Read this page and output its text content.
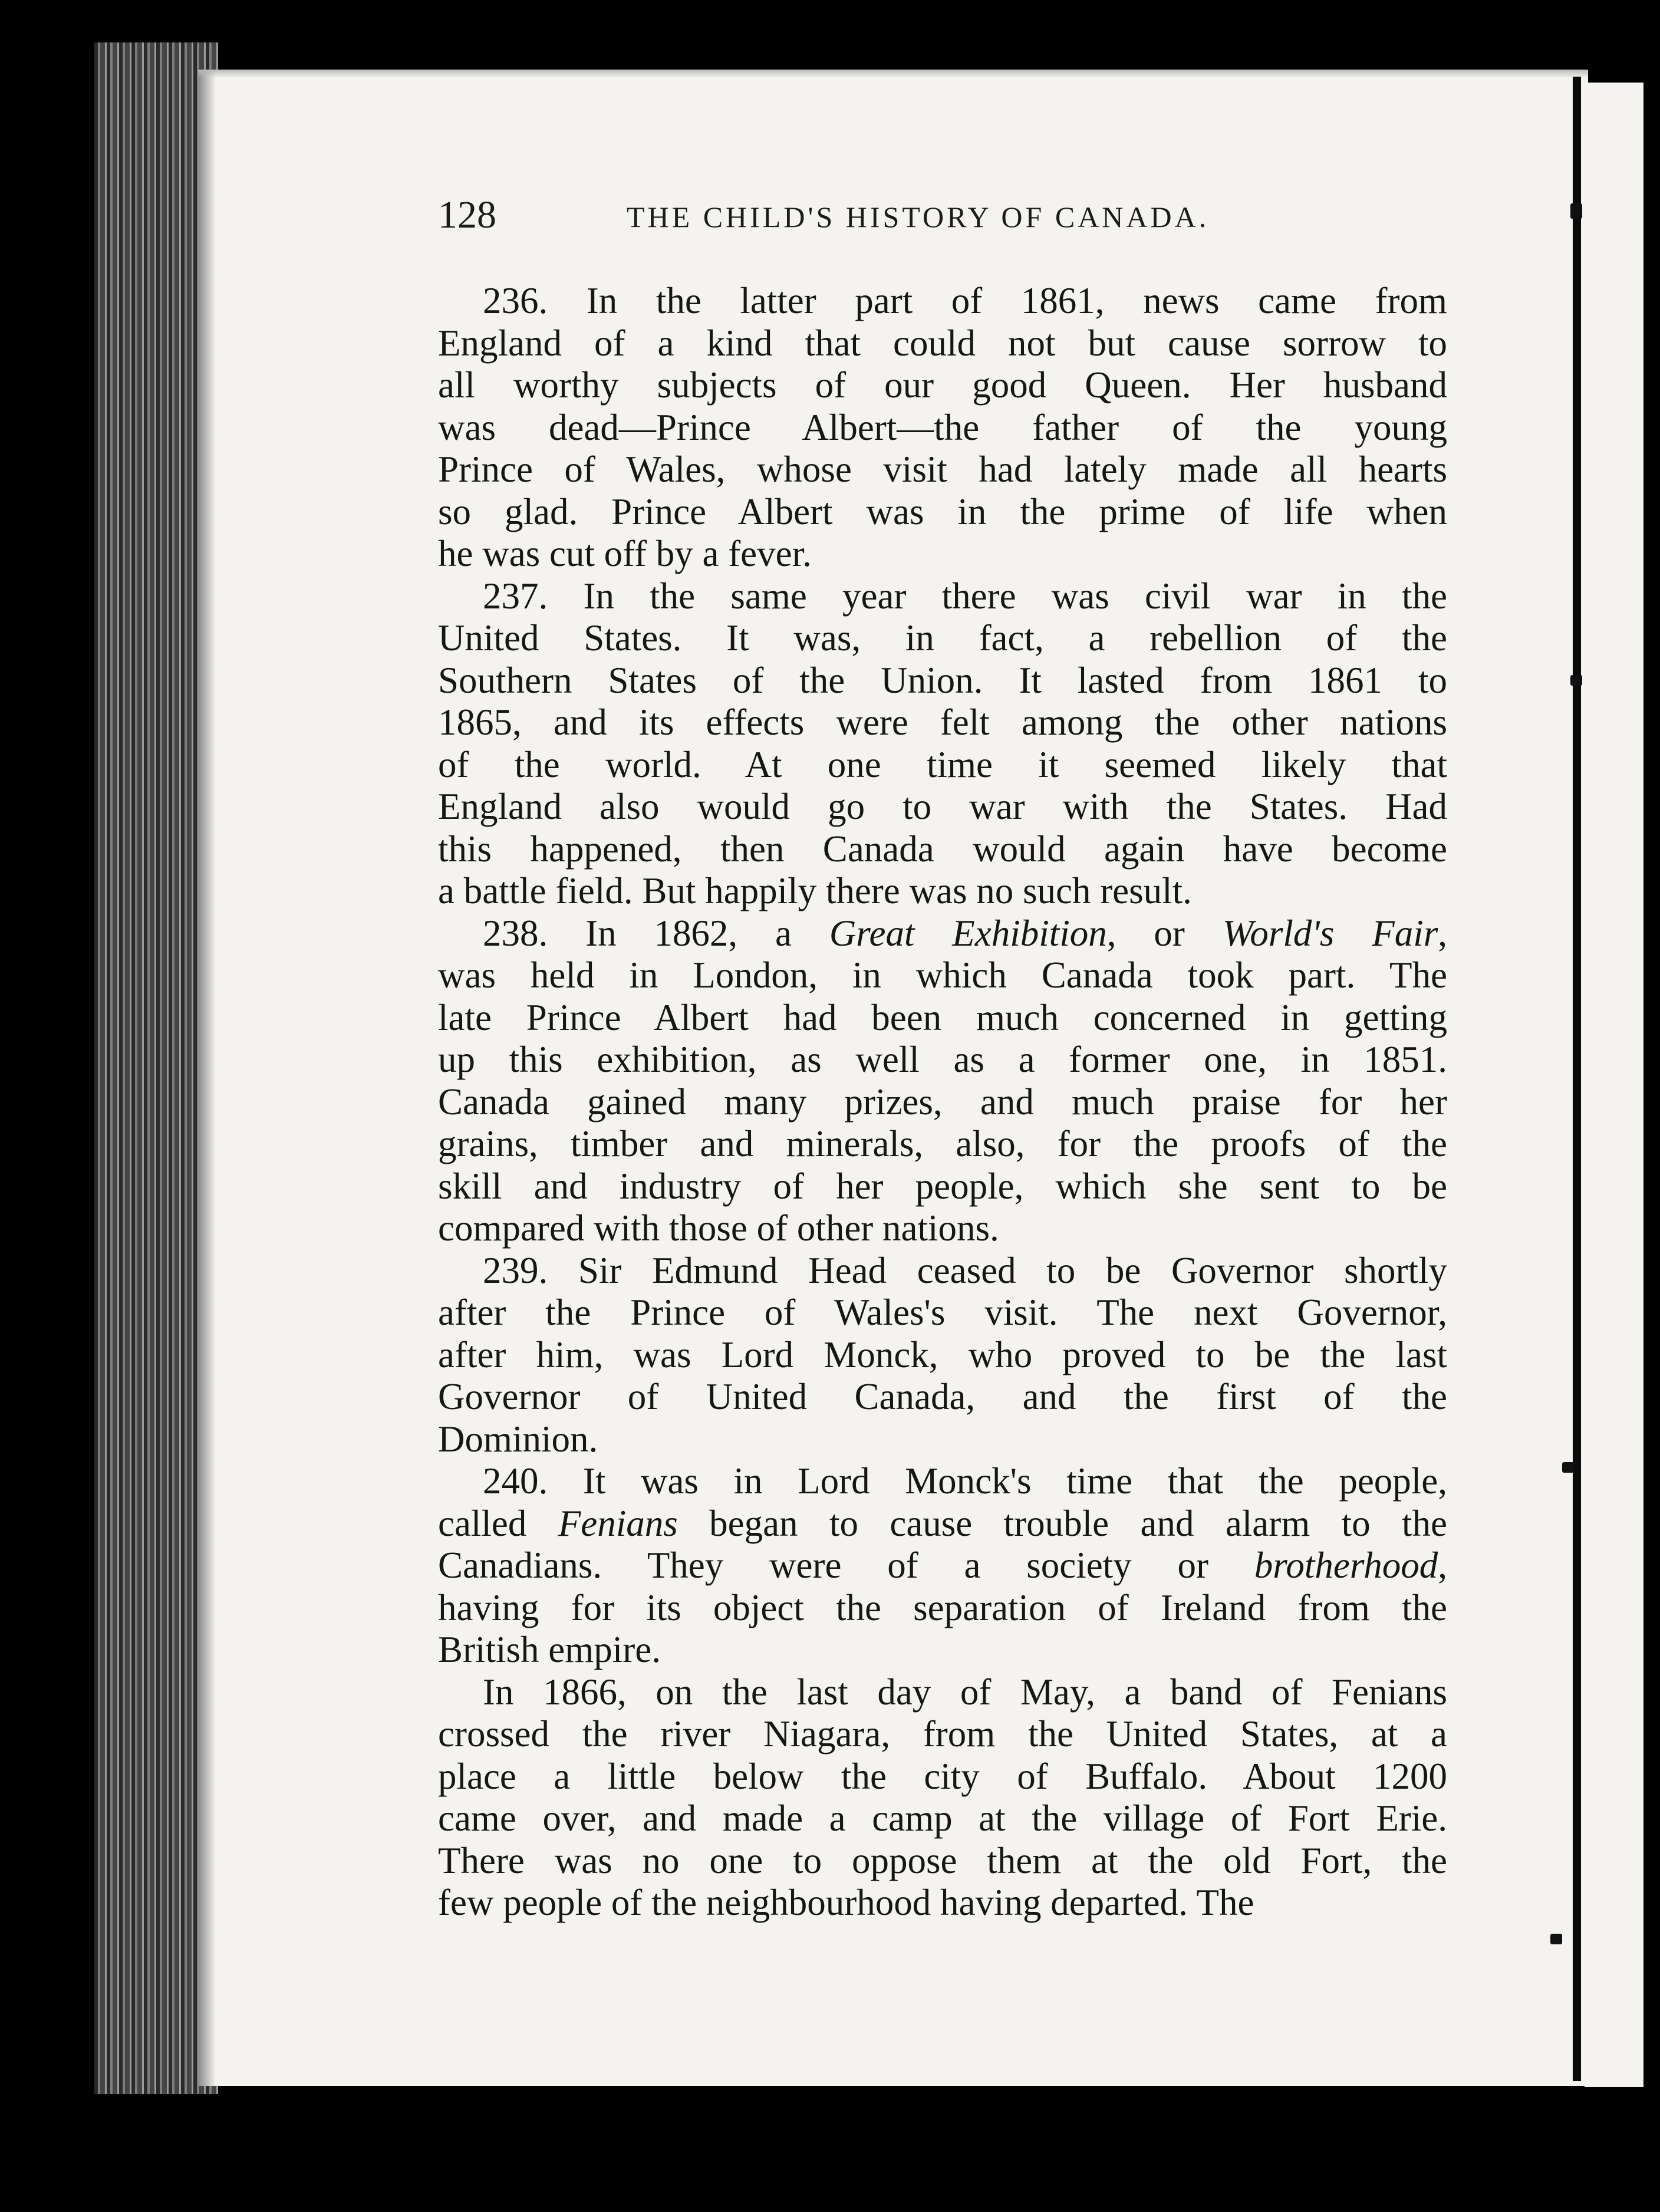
128	THE CHILD'S HISTORY OF CANADA.
236. In the latter part of 1861, news came from
England of a kind that could not but cause sorrow to
all worthy subjects of our good Queen. Her husband
was dead—Prince Albert—the father of the young
Prince of Wales, whose visit had lately made all hearts
so glad. Prince Albert was in the prime of life when
he was cut off by a fever.
237. In the same year there was civil war in the
United States. It was, in fact, a rebellion of the
Southern States of the Union. It lasted from 1861 to
1865, and its effects were felt among the other nations
of the world. At one time it seemed likely that
England also would go to war with the States. Had
this happened, then Canada would again have become
a battle field. But happily there was no such result.
238. In 1862, a Great Exhibition, or World's Fair,
was held in London, in which Canada took part. The
late Prince Albert had been much concerned in getting
up this exhibition, as well as a former one, in 1851.
Canada gained many prizes, and much praise for her
grains, timber and minerals, also, for the proofs of the
skill and industry of her people, which she sent to be
compared with those of other nations.
239. Sir Edmund Head ceased to be Governor shortly
after the Prince of Wales's visit. The next Governor,
after him, was Lord Monck, who proved to be the last
Governor of United Canada, and the first of the
Dominion.
240. It was in Lord Monck's time that the people,
called Fenians began to cause trouble and alarm to the
Canadians. They were of a society or brotherhood,
having for its object the separation of Ireland from the
British empire.
In 1866, on the last day of May, a band of Fenians
crossed the river Niagara, from the United States, at a
place a little below the city of Buffalo. About 1200
came over, and made a camp at the village of Fort Erie.
There was no one to oppose them at the old Fort, the
few people of the neighbourhood having departed. The
